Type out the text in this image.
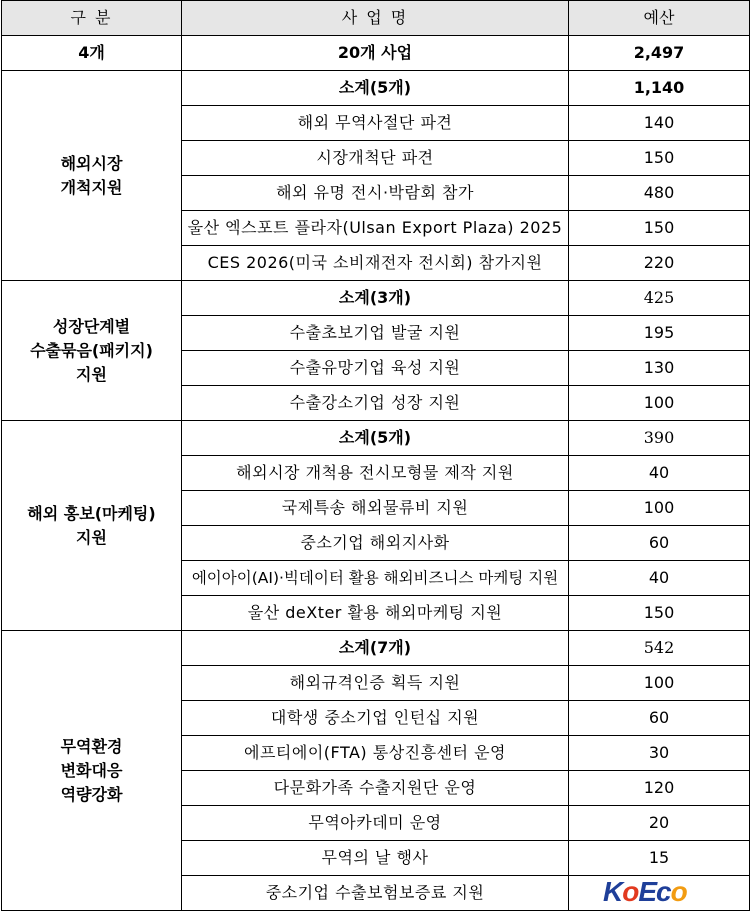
구 분	사 업 명	예산
4개	20개 사업	2,497

해외시장
개척지원	소계(5개)	1,140
	해외 무역사절단 파견	140
	시장개척단 파견	150
	해외 유명 전시·박람회 참가	480
	울산 엑스포트 플라자(Ulsan Export Plaza) 2025	150
	CES 2026(미국 소비재전자 전시회) 참가지원	220

성장단계별
수출묶음(패키지)
지원	소계(3개)	425
	수출초보기업 발굴 지원	195
	수출유망기업 육성 지원	130
	수출강소기업 성장 지원	100

해외 홍보(마케팅)
지원	소계(5개)	390
	해외시장 개척용 전시모형물 제작 지원	40
	국제특송 해외물류비 지원	100
	중소기업 해외지사화	60
	에이아이(AI)·빅데이터 활용 해외비즈니스 마케팅 지원	40
	울산 deXter 활용 해외마케팅 지원	150

무역환경
변화대응
역량강화	소계(7개)	542
	해외규격인증 획득 지원	100
	대학생 중소기업 인턴십 지원	60
	에프티에이(FTA) 통상진흥센터 운영	30
	다문화가족 수출지원단 운영	120
	무역아카데미 운영	20
	무역의 날 행사	15
	중소기업 수출보험보증료 지원		KoEco
